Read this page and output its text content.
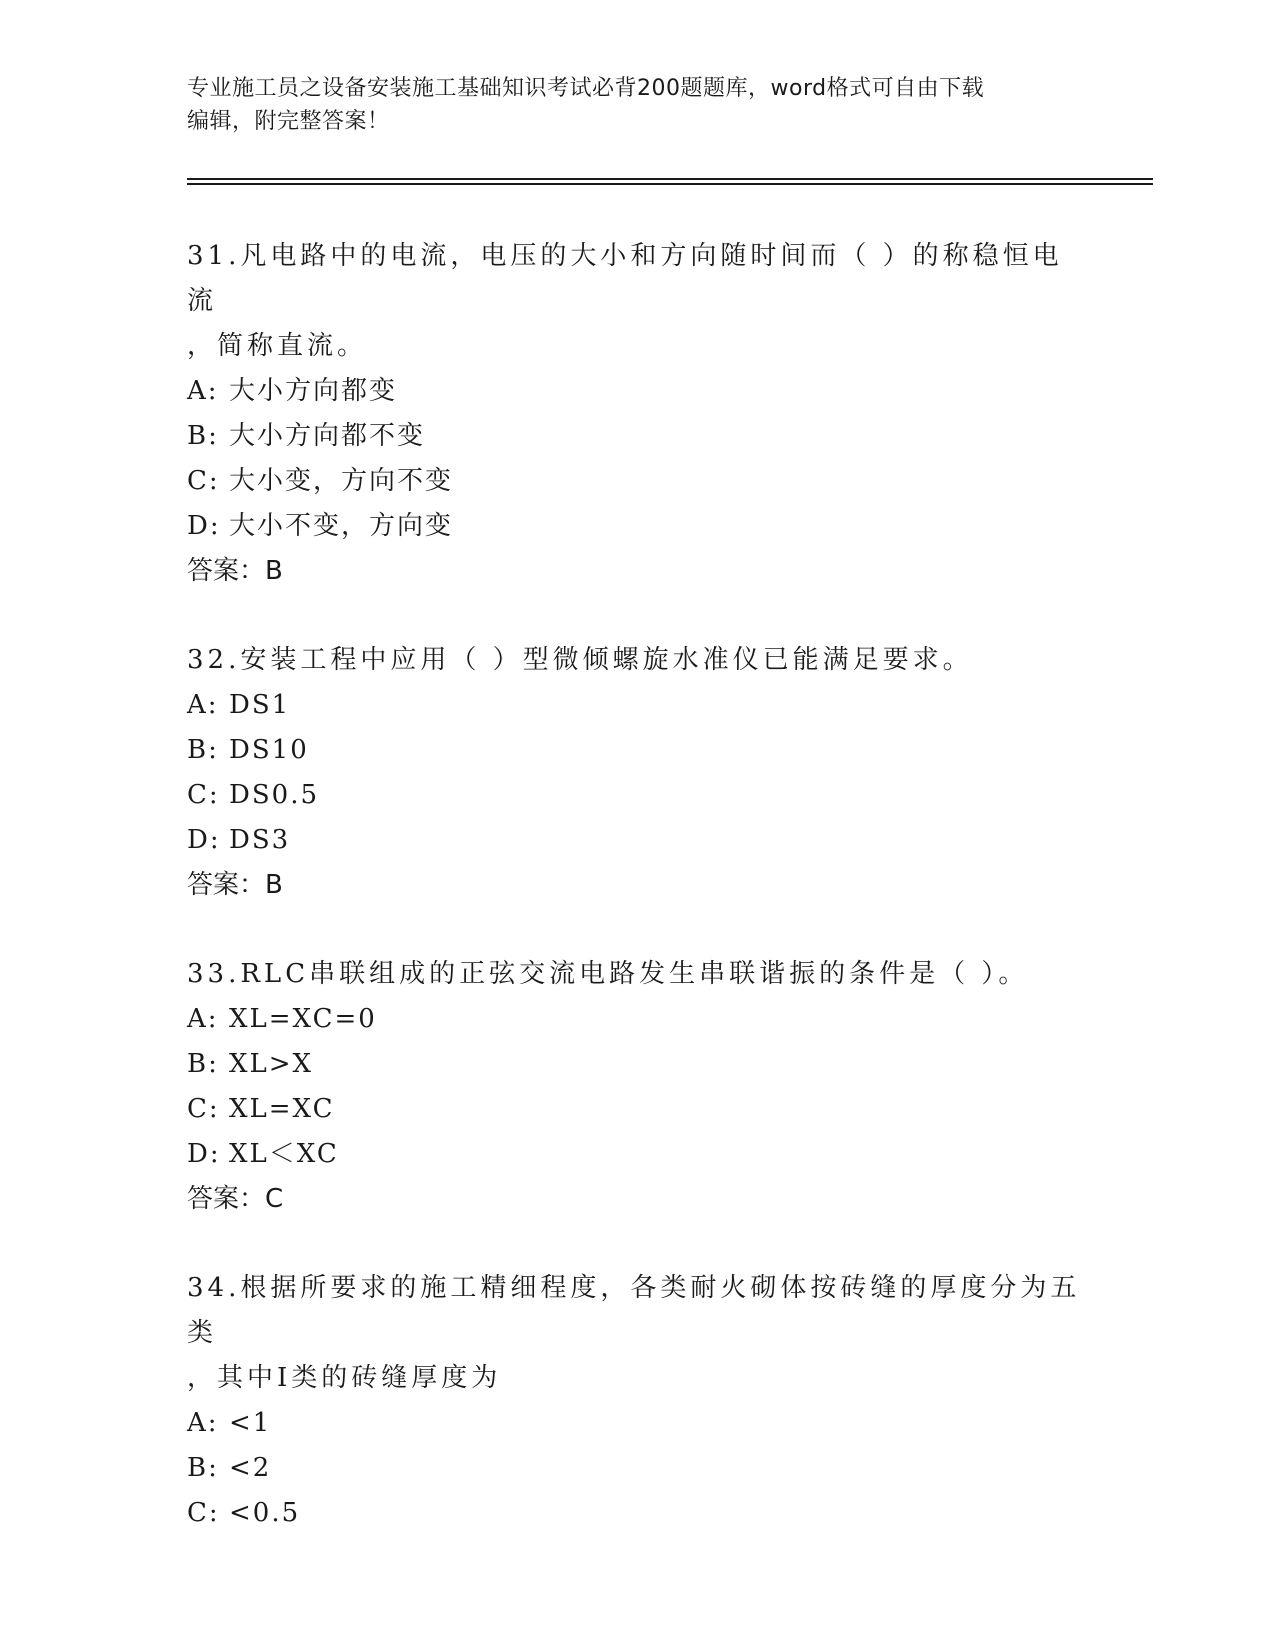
专业施工员之设备安装施工基础知识考试必背200题题库，word格式可自由下载
编辑，附完整答案！

31.凡电路中的电流，电压的大小和方向随时间而（ ）的称稳恒电流

，简称直流。

A: 大小方向都变

B: 大小方向都不变

C: 大小变，方向不变

D: 大小不变，方向变

答案：B

32.安装工程中应用（ ）型微倾螺旋水准仪已能满足要求。

A: DS1

B: DS10

C: DS0.5

D: DS3

答案：B

33.RLC串联组成的正弦交流电路发生串联谐振的条件是（ ）。

A: XL=XC=0

B: XL>X

C: XL=XC

D: XL＜XC

答案：C

34.根据所要求的施工精细程度，各类耐火砌体按砖缝的厚度分为五类

，其中Ⅰ类的砖缝厚度为

A: <1

B: <2

C: <0.5
